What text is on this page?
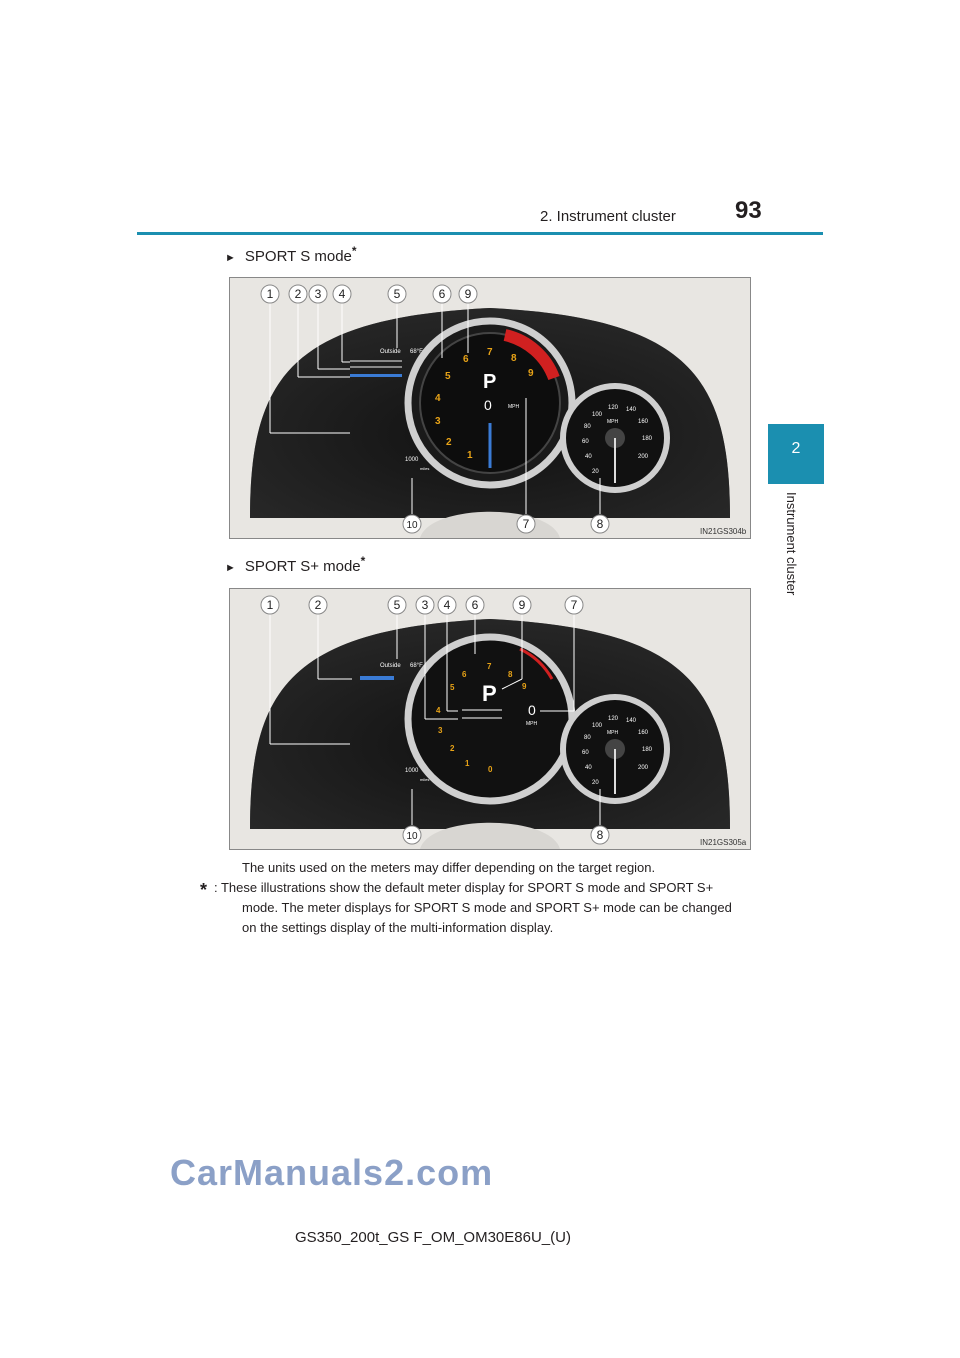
2. Instrument cluster 93
2
Instrument cluster
► SPORT S mode*
Outside 68°F
1000
miles
P
0	MPH
MPH
1
2
3
4
5
6
7
8
9
20
40
60
80
100
120 140
160
180
200
1 2 3 4	5	6 9
10	7	8
IN21GS304b
► SPORT S+ mode*
Outside 68°F
1000
miles
P
0
MPH
MPH
0
1
2
3
4
5
6
7
8
9
20
40
60
80
100
120 140
160
180
200
1	2	5 3 4 6	9	7
10	8
IN21GS305a
The units used on the meters may differ depending on the target region.
* : These illustrations show the default meter display for SPORT S mode and SPORT S+
mode. The meter displays for SPORT S mode and SPORT S+ mode can be changed
on the settings display of the multi-information display.
CarManuals2.com
GS350_200t_GS F_OM_OM30E86U_(U)
